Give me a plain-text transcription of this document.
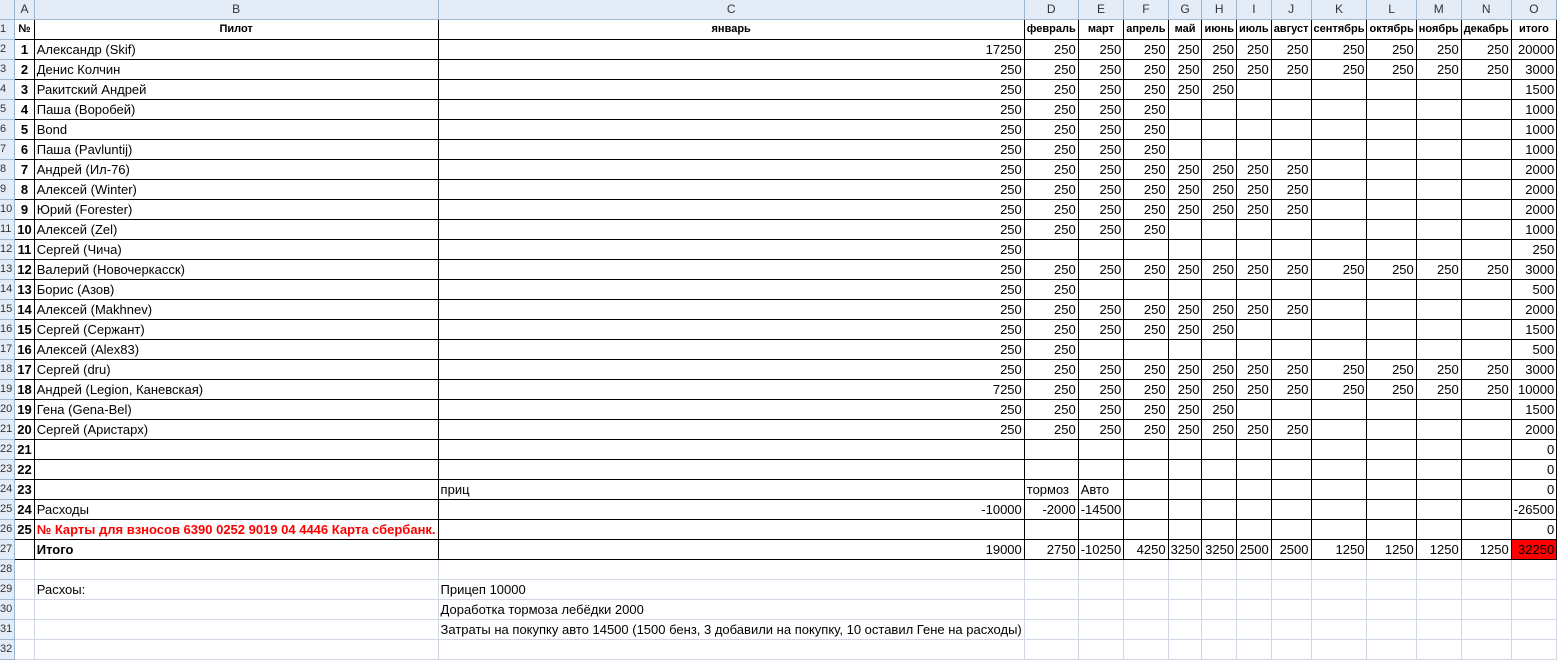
	A	B	C	D	E	F	G	H	I	J	K	L	M	N	O
1	№	Пилот	январь	февраль	март	апрель	май	июнь	июль	август	сентябрь	октябрь	ноябрь	декабрь	итого
2	1	Александр (Skif)	17250	250	250	250	250	250	250	250	250	250	250	250	20000
3	2	Денис Колчин	250	250	250	250	250	250	250	250	250	250	250	250	3000
4	3	Ракитский Андрей	250	250	250	250	250	250							1500
5	4	Паша (Воробей)	250	250	250	250									1000
6	5	Bond	250	250	250	250									1000
7	6	Паша (Pavluntij)	250	250	250	250									1000
8	7	Андрей (Ил-76)	250	250	250	250	250	250	250	250					2000
9	8	Алексей (Winter)	250	250	250	250	250	250	250	250					2000
10	9	Юрий (Forester)	250	250	250	250	250	250	250	250					2000
11	10	Алексей (Zel)	250	250	250	250									1000
12	11	Сергей (Чича)	250												250
13	12	Валерий (Новочеркасск)	250	250	250	250	250	250	250	250	250	250	250	250	3000
14	13	Борис (Азов)	250	250											500
15	14	Алексей (Makhnev)	250	250	250	250	250	250	250	250					2000
16	15	Сергей (Сержант)	250	250	250	250	250	250							1500
17	16	Алексей (Alex83)	250	250											500
18	17	Сергей (dru)	250	250	250	250	250	250	250	250	250	250	250	250	3000
19	18	Андрей (Legion, Каневская)	7250	250	250	250	250	250	250	250	250	250	250	250	10000
20	19	Гена (Gena-Bel)	250	250	250	250	250	250							1500
21	20	Сергей (Аристарх)	250	250	250	250	250	250	250	250					2000
22	21														0
23	22														0
24	23		приц	тормоз	Авто										0
25	24	Расходы	-10000	-2000	-14500										-26500
26	25	№ Карты для взносов 6390 0252 9019 04 4446 Карта сбербанк.													0
27		Итого	19000	2750	-10250	4250	3250	3250	2500	2500	1250	1250	1250	1250	32250
28															
29		Расхоы:	Прицеп 10000												
30			Доработка тормоза лебёдки 2000												
31			Затраты на покупку авто 14500 (1500 бенз, 3 добавили на покупку, 10 оставил Гене на расходы)												
32															
